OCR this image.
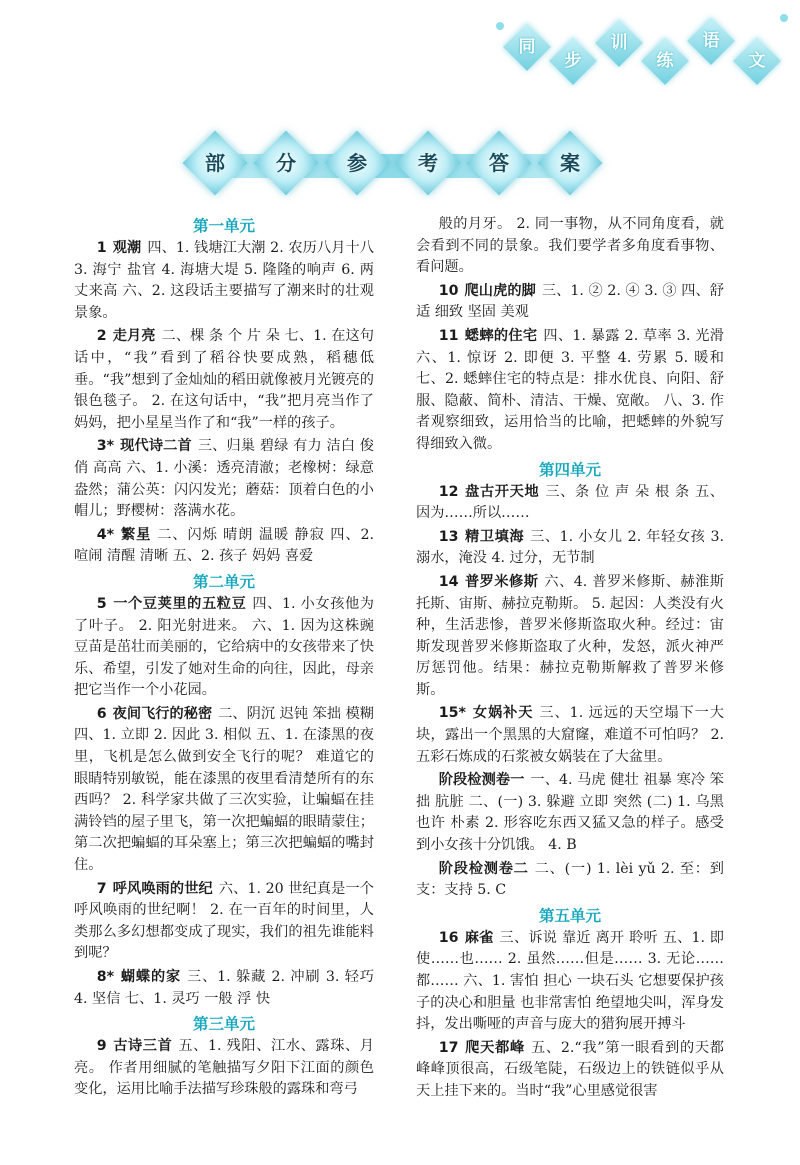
同
步
训
练
语
文
部	分	参	考	答	案
第一单元
1 观潮 四、1. 钱塘江大潮 2. 农历八月十八 3. 海宁 盐官 4. 海塘大堤 5. 隆隆的响声 6. 两丈来高 六、2. 这段话主要描写了潮来时的壮观景象。
2 走月亮 二、棵 条 个 片 朵 七、1. 在这句话中，“我”看到了稻谷快要成熟，稻穗低垂。“我”想到了金灿灿的稻田就像被月光镀亮的银色毯子。 2. 在这句话中，“我”把月亮当作了妈妈，把小星星当作了和“我”一样的孩子。
3* 现代诗二首 三、归巢 碧绿 有力 洁白 俊俏 高高 六、1. 小溪：透亮清澈；老橡树：绿意盎然；蒲公英：闪闪发光；蘑菇：顶着白色的小帽儿；野樱树：落满水花。
4* 繁星 二、闪烁 晴朗 温暖 静寂 四、2. 喧闹 清醒 清晰 五、2. 孩子 妈妈 喜爱
第二单元
5 一个豆荚里的五粒豆 四、1. 小女孩他为了叶子。 2. 阳光射进来。 六、1. 因为这株豌豆苗是茁壮而美丽的，它给病中的女孩带来了快乐、希望，引发了她对生命的向往，因此，母亲把它当作一个小花园。
6 夜间飞行的秘密 二、阴沉 迟钝 笨拙 模糊 四、1. 立即 2. 因此 3. 相似 五、1. 在漆黑的夜里，飞机是怎么做到安全飞行的呢？ 难道它的眼睛特别敏锐，能在漆黑的夜里看清楚所有的东西吗？ 2. 科学家共做了三次实验，让蝙蝠在挂满铃铛的屋子里飞，第一次把蝙蝠的眼睛蒙住；第二次把蝙蝠的耳朵塞上；第三次把蝙蝠的嘴封住。
7 呼风唤雨的世纪 六、1. 20 世纪真是一个呼风唤雨的世纪啊！ 2. 在一百年的时间里，人类那么多幻想都变成了现实，我们的祖先谁能料到呢？
8* 蝴蝶的家 三、1. 躲藏 2. 冲刷 3. 轻巧 4. 坚信 七、1. 灵巧 一般 浮 快
第三单元
9 古诗三首 五、1. 残阳、江水、露珠、月亮。 作者用细腻的笔触描写夕阳下江面的颜色变化，运用比喻手法描写珍珠般的露珠和弯弓
般的月牙。 2. 同一事物，从不同角度看，就会看到不同的景象。我们要学者多角度看事物、看问题。
10 爬山虎的脚 三、1. ② 2. ④ 3. ③ 四、舒适 细致 坚固 美观
11 蟋蟀的住宅 四、1. 暴露 2. 草率 3. 光滑 六、1. 惊讶 2. 即便 3. 平整 4. 劳累 5. 暖和 七、2. 蟋蟀住宅的特点是：排水优良、向阳、舒服、隐蔽、简朴、清洁、干燥、宽敞。 八、3. 作者观察细致，运用恰当的比喻，把蟋蟀的外貌写得细致入微。
第四单元
12 盘古开天地 三、条 位 声 朵 根 条 五、因为……所以……
13 精卫填海 三、1. 小女儿 2. 年轻女孩 3. 溺水，淹没 4. 过分，无节制
14 普罗米修斯 六、4. 普罗米修斯、赫淮斯托斯、宙斯、赫拉克勒斯。 5. 起因：人类没有火种，生活悲惨，普罗米修斯盗取火种。经过：宙斯发现普罗米修斯盗取了火种，发怒，派火神严厉惩罚他。结果：赫拉克勒斯解救了普罗米修斯。
15* 女娲补天 三、1. 远远的天空塌下一大块，露出一个黑黑的大窟窿，难道不可怕吗？ 2. 五彩石炼成的石浆被女娲装在了大盆里。
阶段检测卷一 一、4. 马虎 健壮 祖暴 寒冷 笨拙 肮脏 二、(一) 3. 躲避 立即 突然 (二) 1. 乌黑 也许 朴素 2. 形容吃东西又猛又急的样子。感受到小女孩十分饥饿。 4. B
阶段检测卷二 二、(一) 1. lèi yǔ 2. 至：到 支：支持 5. C
第五单元
16 麻雀 三、诉说 靠近 离开 聆听 五、1. 即使……也…… 2. 虽然……但是…… 3. 无论……都…… 六、1. 害怕 担心 一块石头 它想要保护孩子的决心和胆量 也非常害怕 绝望地尖叫，浑身发抖，发出嘶哑的声音与庞大的猎狗展开搏斗
17 爬天都峰 五、2.“我”第一眼看到的天都峰峰顶很高，石级笔陡，石级边上的铁链似乎从天上挂下来的。当时“我”心里感觉很害
